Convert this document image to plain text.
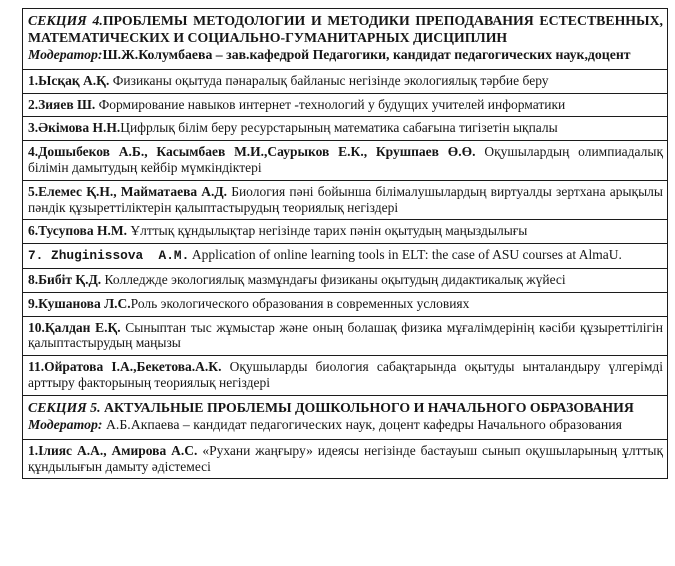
СЕКЦИЯ 4.ПРОБЛЕМЫ МЕТОДОЛОГИИ И МЕТОДИКИ ПРЕПОДАВАНИЯ ЕСТЕСТВЕННЫХ, МАТЕМАТИЧЕСКИХ И СОЦИАЛЬНО-ГУМАНИТАРНЫХ ДИСЦИПЛИН

Модератор:Ш.Ж.Колумбаева – зав.кафедрой Педагогики, кандидат педагогических наук,доцент

1.Ысқақ А.Қ. Физиканы оқытуда пәнаралық байланыс негізінде экологиялық тәрбие беру
2.Зияев Ш. Формирование навыков интернет -технологий у будущих учителей информатики
3.Әкімова Н.Н.Цифрлық білім беру ресурстарының математика сабағына тигізетін ықпалы
4.Дошыбеков А.Б., Касымбаев М.И.,Саурыков Е.К., Крушпаев Ө.Ө. Оқушылардың олимпиадалық білімін дамытудың кейбір мүмкіндіктері
5.Елемес Қ.Н., Майматаева А.Д. Биология пәні бойынша білімалушылардың виртуалды зертхана арықылы пәндік құзыреттіліктерін қалыптастырудың теориялық негіздері
6.Тусупова Н.М. Ұлттық құндылықтар негізінде тарих пәнін оқытудың маңыздылығы
7. Zhuginissova  A.M. Application of online learning tools in ELT: the case of ASU courses at AlmaU.
8.Бибіт Қ.Д. Колледжде экологиялық мазмұндағы физиканы оқытудың дидактикалық жүйесі
9.Кушанова Л.С.Роль экологического образования в современных условиях
10.Қалдан Е.Қ. Сыныптан тыс жұмыстар және оның болашақ физика мұғалімдерінің кәсіби құзыреттілігін қалыптастырудың маңызы
11.Ойратова І.А.,Бекетова.А.К. Оқушыларды биология сабақтарында оқытуды ынталандыру үлгерімді арттыру факторының теориялық негіздері

СЕКЦИЯ 5. АКТУАЛЬНЫЕ ПРОБЛЕМЫ ДОШКОЛЬНОГО И НАЧАЛЬНОГО ОБРАЗОВАНИЯ

Модератор: А.Б.Акпаева – кандидат педагогических наук, доцент кафедры Начального образования

1.Ілияс А.А., Амирова А.С. «Рухани жаңғыру» идеясы негізінде бастауыш сынып оқушыларының ұлттық құндылығын дамыту әдістемесі
